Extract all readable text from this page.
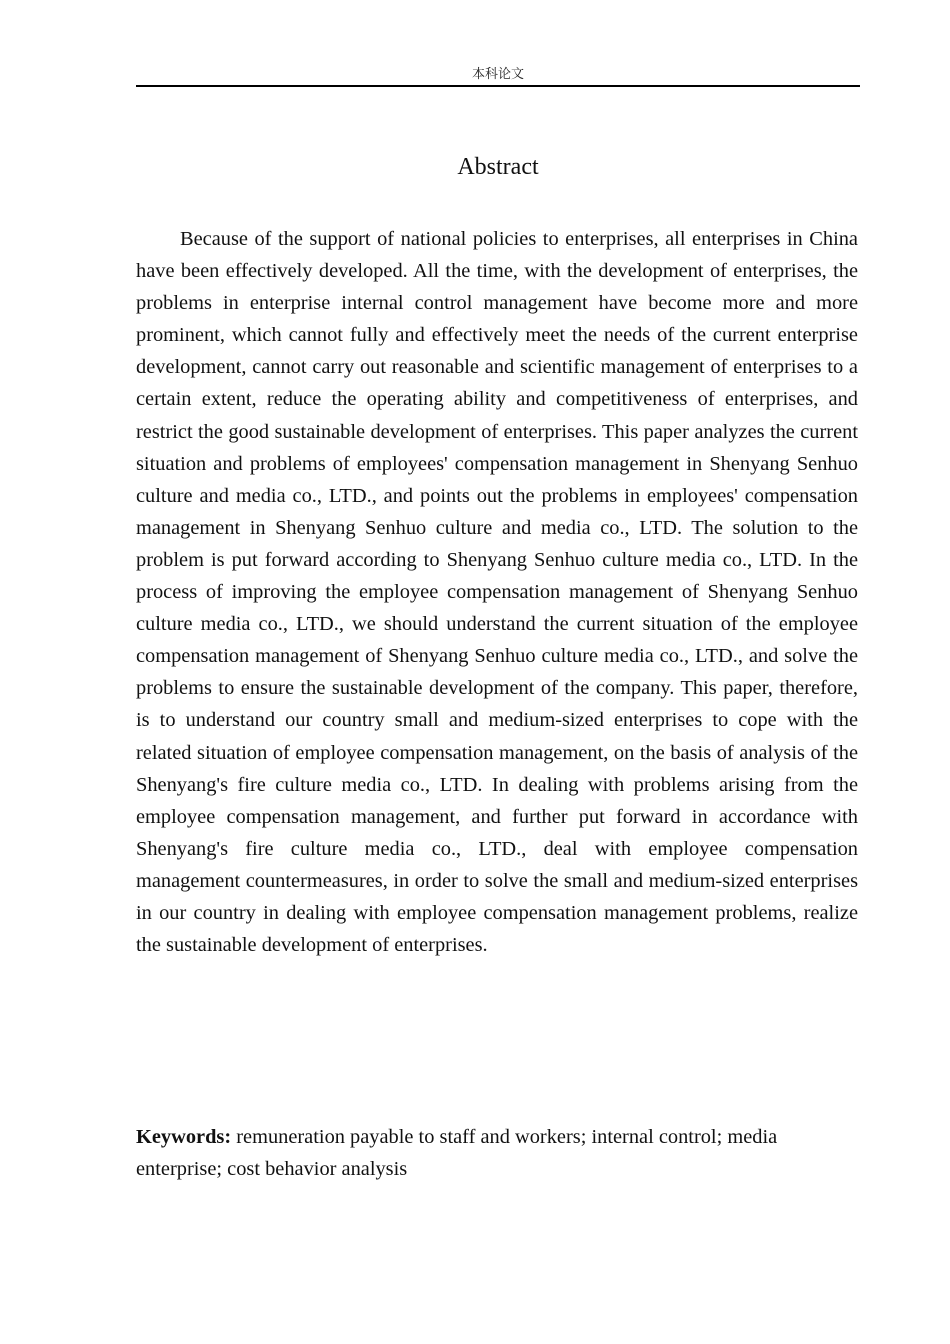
本科论文
Abstract

Because of the support of national policies to enterprises, all enterprises in China have been effectively developed. All the time, with the development of enterprises, the problems in enterprise internal control management have become more and more prominent, which cannot fully and effectively meet the needs of the current enterprise development, cannot carry out reasonable and scientific management of enterprises to a certain extent, reduce the operating ability and competitiveness of enterprises, and restrict the good sustainable development of enterprises. This paper analyzes the current situation and problems of employees' compensation management in Shenyang Senhuo culture and media co., LTD., and points out the problems in employees' compensation management in Shenyang Senhuo culture and media co., LTD. The solution to the problem is put forward according to Shenyang Senhuo culture media co., LTD. In the process of improving the employee compensation management of Shenyang Senhuo culture media co., LTD., we should understand the current situation of the employee compensation management of Shenyang Senhuo culture media co., LTD., and solve the problems to ensure the sustainable development of the company. This paper, therefore, is to understand our country small and medium-sized enterprises to cope with the related situation of employee compensation management, on the basis of analysis of the Shenyang's fire culture media co., LTD. In dealing with problems arising from the employee compensation management, and further put forward in accordance with Shenyang's fire culture media co., LTD., deal with employee compensation management countermeasures, in order to solve the small and medium-sized enterprises in our country in dealing with employee compensation management problems, realize the sustainable development of enterprises.

Keywords: remuneration payable to staff and workers; internal control; media enterprise; cost behavior analysis
